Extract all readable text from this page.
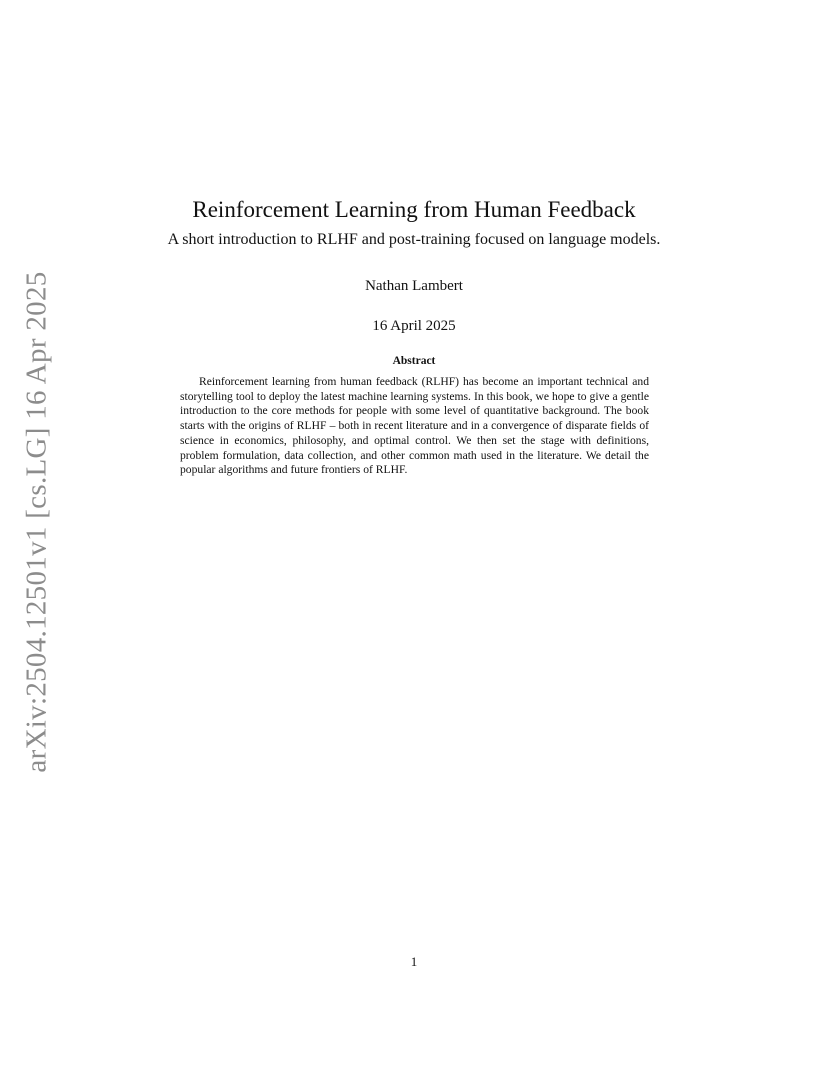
arXiv:2504.12501v1 [cs.LG] 16 Apr 2025
Reinforcement Learning from Human Feedback
A short introduction to RLHF and post-training focused on language models.
Nathan Lambert
16 April 2025
Abstract
Reinforcement learning from human feedback (RLHF) has become an important technical and storytelling tool to deploy the latest machine learning systems. In this book, we hope to give a gentle introduction to the core methods for people with some level of quantitative background. The book starts with the origins of RLHF – both in recent literature and in a convergence of disparate fields of science in economics, philosophy, and optimal control. We then set the stage with definitions, problem formulation, data collection, and other common math used in the literature. We detail the popular algorithms and future frontiers of RLHF.
1
